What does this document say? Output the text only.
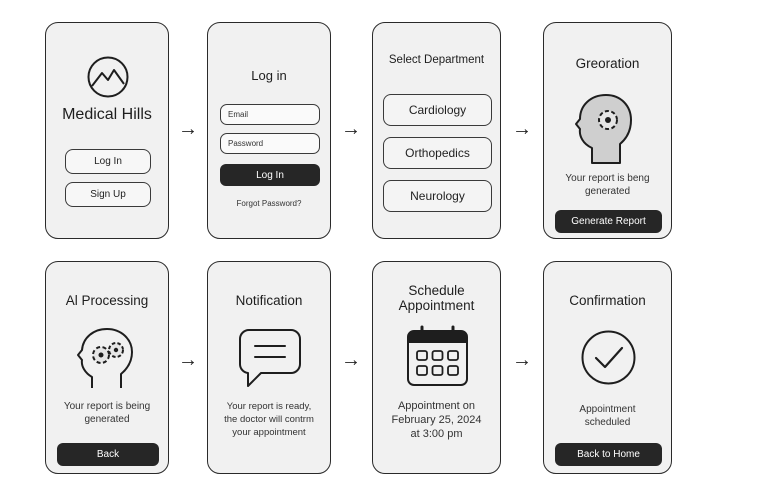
Medical Hills
Log In
Sign Up
→
Log in
Email
Password
Log In
Forgot Password?
→
Select Department
Cardiology
Orthopedics
Neurology
→
Greoration
Your report is beng
generated
Generate Report
Al Processing
Your report is being
generated
Back
→
Notification
Your report is ready,
the doctor will contrm
your appointment
→
Schedule
Appointment
Appointment on
February 25, 2024
at 3:00 pm
→
Confirmation
Appointment
scheduled
Back to Home
